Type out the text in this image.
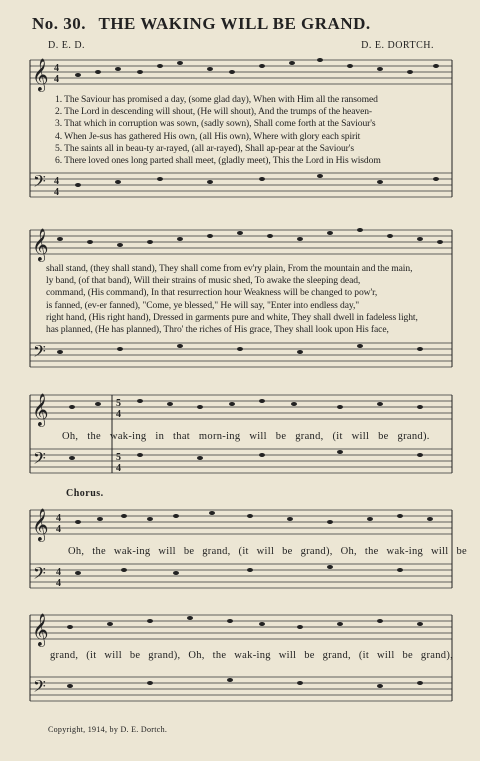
No. 30. THE WAKING WILL BE GRAND.
D. E. D.	D. E. DORTCH.
𝄞
𝄢
4
4
4
4
1. The Saviour has promised a day, (some glad day), When with Him all the ransomed
2. The Lord in descending will shout, (He will shout), And the trumps of the heaven-
3. That which in corruption was sown, (sadly sown), Shall come forth at the Saviour's
4. When Je-sus has gathered His own, (all His own), Where with glory each spirit
5. The saints all in beau-ty ar-rayed, (all ar-rayed), Shall ap-pear at the Saviour's
6. There loved ones long parted shall meet, (gladly meet), This the Lord in His wisdom
𝄞
𝄢
shall stand, (they shall stand), They shall come from ev'ry plain, From the mountain and the main,
ly band, (of that band), Will their strains of music shed, To awake the sleeping dead,
command, (His command), In that resurrection hour Weakness will be changed to pow'r,
is fanned, (ev-er fanned), "Come, ye blessed," He will say, "Enter into endless day,"
right hand, (His right hand), Dressed in garments pure and white, They shall dwell in fadeless light,
has planned, (He has planned), Thro' the riches of His grace, They shall look upon His face,
𝄞
𝄢
5
4
5
4
Oh, the wak-ing in that morn-ing will be grand, (it will be grand).
Chorus.
𝄞
𝄢
4
4
4
4
Oh, the wak-ing will be grand, (it will be grand), Oh, the wak-ing will be
𝄞
𝄢
grand, (it will be grand), Oh, the wak-ing will be grand, (it will be grand),
Copyright, 1914, by D. E. Dortch.
